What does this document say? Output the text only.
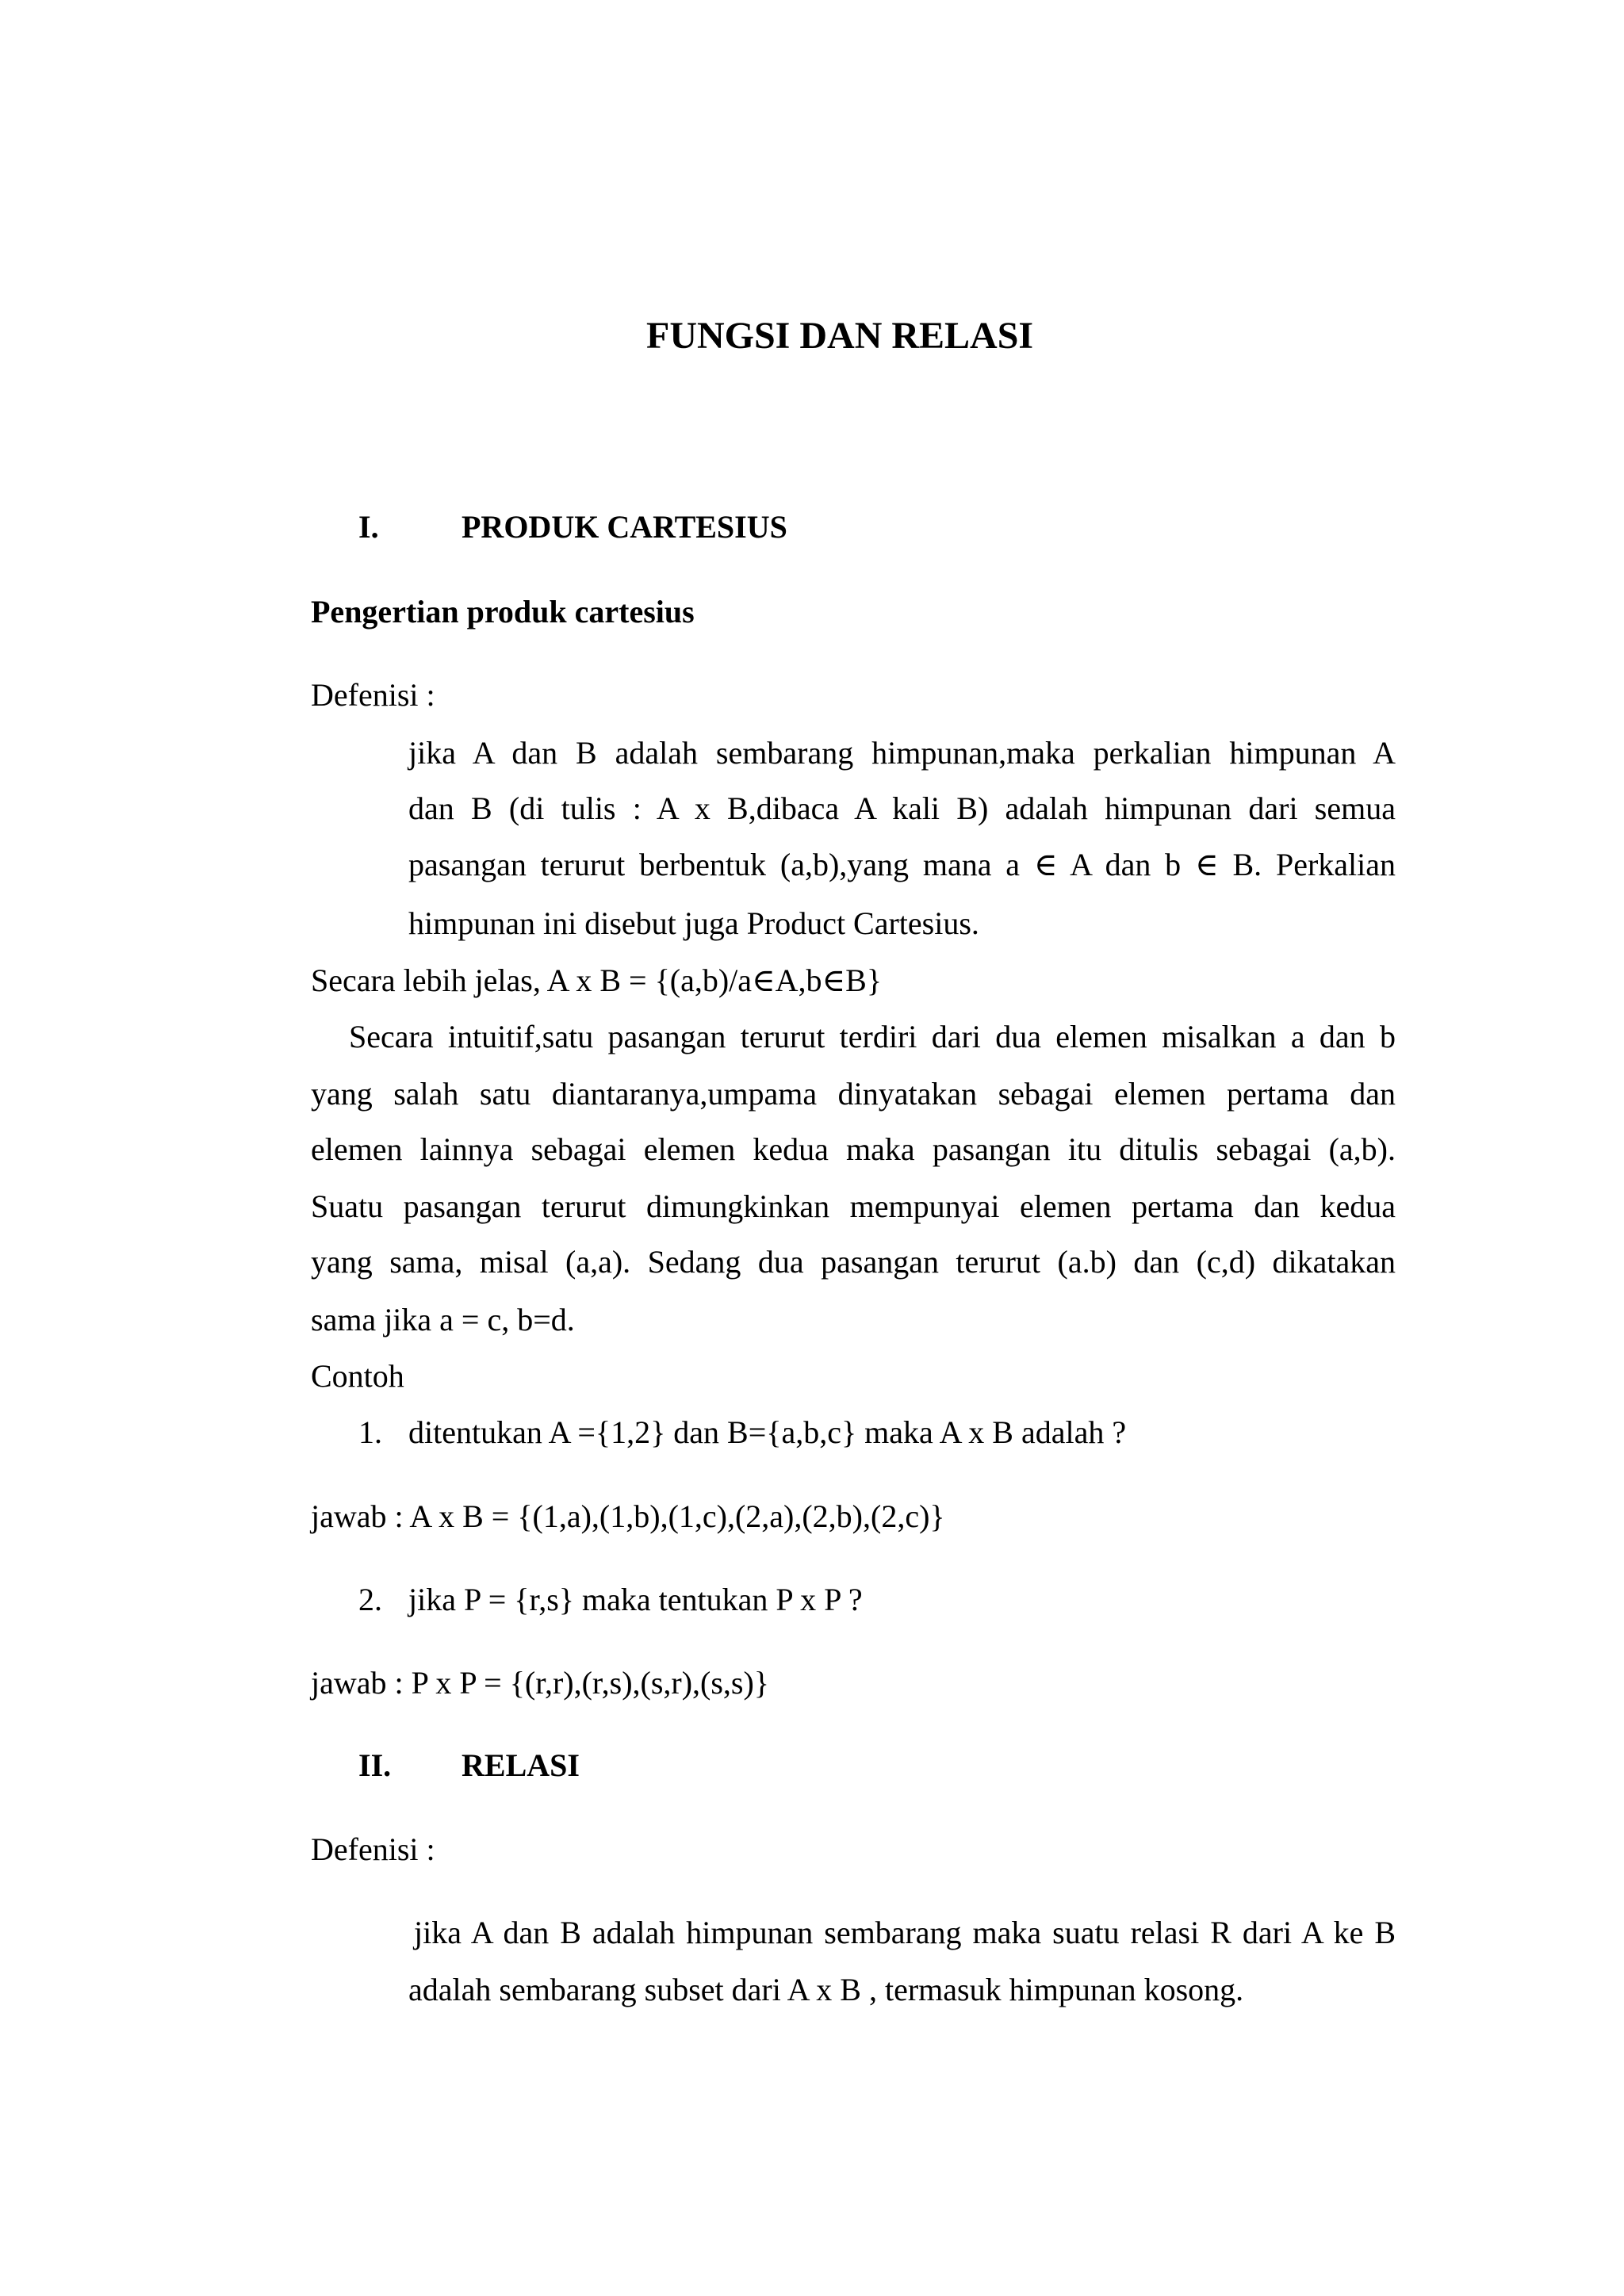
FUNGSI DAN RELASI
I.	PRODUK CARTESIUS
Pengertian produk cartesius
Defenisi :
jika A dan B adalah sembarang himpunan,maka perkalian himpunan A
dan B (di tulis : A x B,dibaca A kali B) adalah himpunan dari semua
pasangan terurut berbentuk (a,b),yang mana a ∈ A dan b ∈ B. Perkalian
himpunan ini disebut juga Product Cartesius.
Secara lebih jelas, A x B = {(a,b)/a∈A,b∈B}
Secara intuitif,satu pasangan terurut terdiri dari dua elemen misalkan a dan b
yang salah satu diantaranya,umpama dinyatakan sebagai elemen pertama dan
elemen lainnya sebagai elemen kedua maka pasangan itu ditulis sebagai (a,b).
Suatu pasangan terurut dimungkinkan mempunyai elemen pertama dan kedua
yang sama, misal (a,a). Sedang dua pasangan terurut (a.b) dan (c,d) dikatakan
sama jika a = c, b=d.
Contoh
1. ditentukan A ={1,2} dan B={a,b,c} maka A x B adalah ?
jawab : A x B = {(1,a),(1,b),(1,c),(2,a),(2,b),(2,c)}
2. jika P = {r,s} maka tentukan P x P ?
jawab : P x P = {(r,r),(r,s),(s,r),(s,s)}
II. RELASI
Defenisi :
jika A dan B adalah himpunan sembarang maka suatu relasi R dari A ke B
adalah sembarang subset dari A x B , termasuk himpunan kosong.
